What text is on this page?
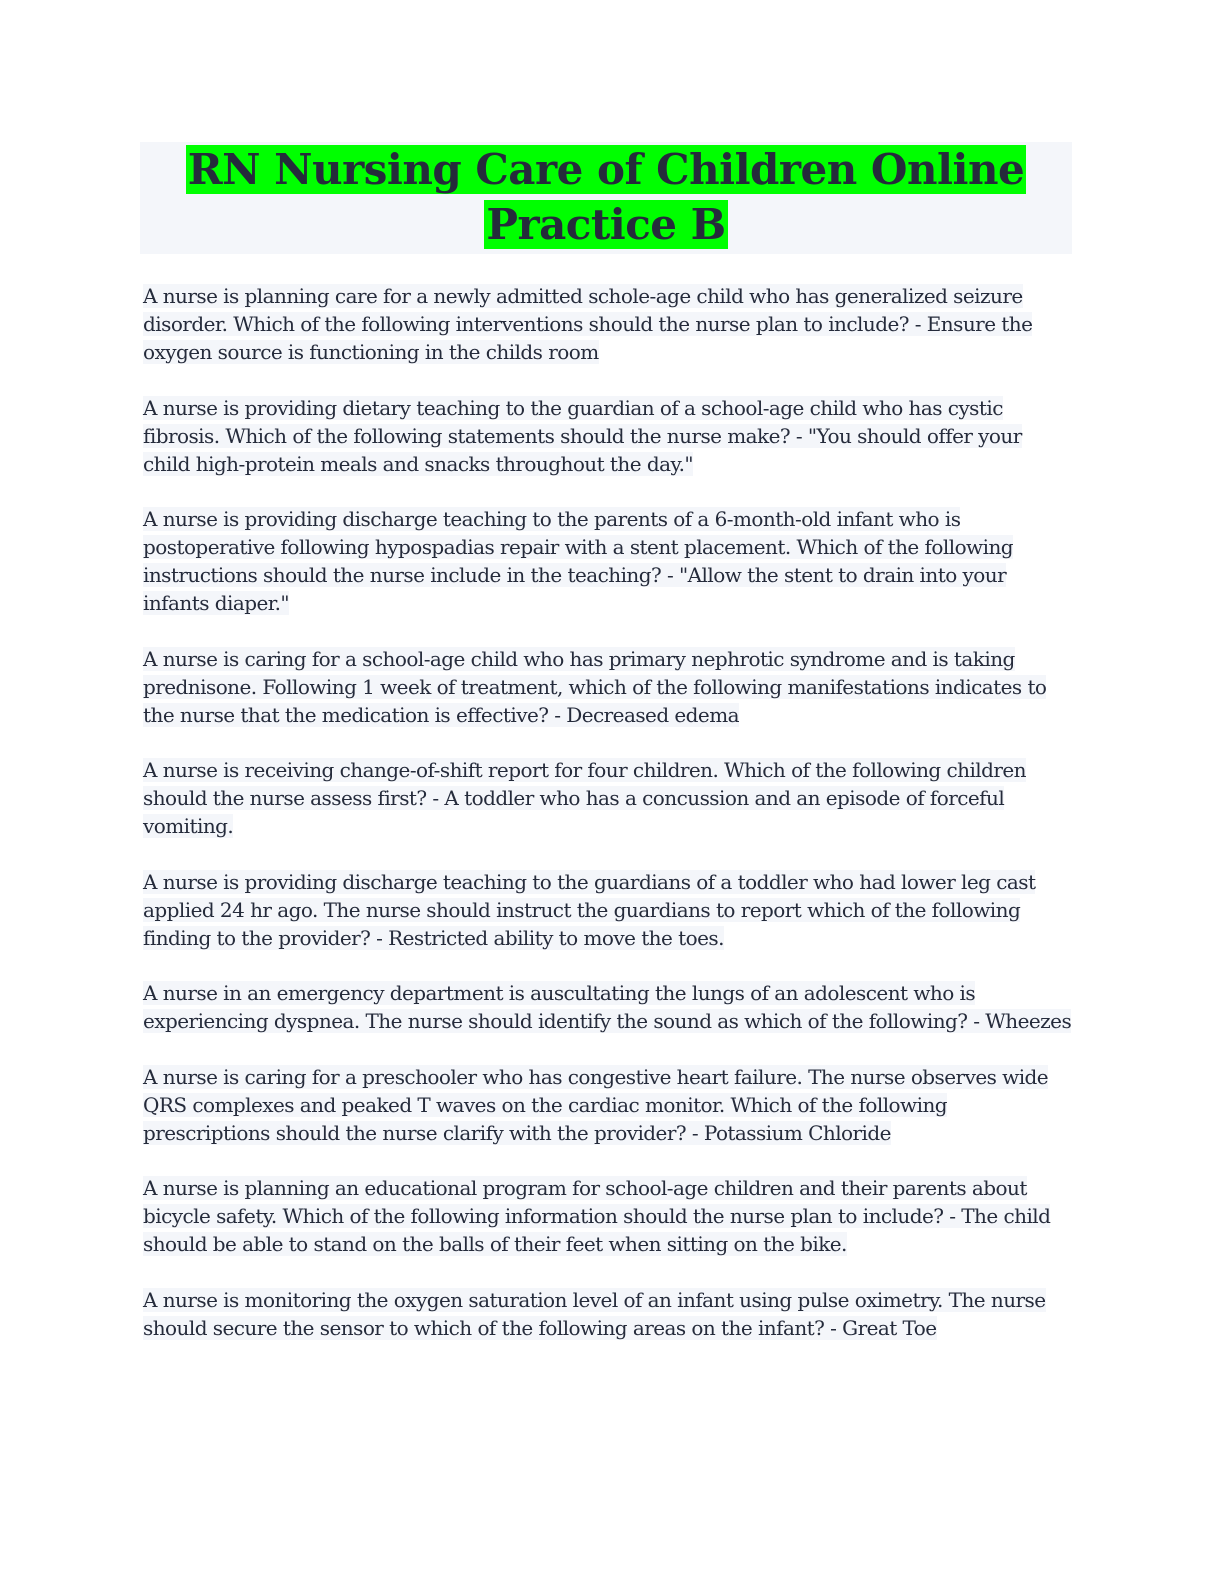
RN Nursing Care of Children Online Practice B

A nurse is planning care for a newly admitted schole-age child who has generalized seizure disorder. Which of the following interventions should the nurse plan to include? - Ensure the oxygen source is functioning in the childs room

A nurse is providing dietary teaching to the guardian of a school-age child who has cystic fibrosis. Which of the following statements should the nurse make? - "You should offer your child high-protein meals and snacks throughout the day."

A nurse is providing discharge teaching to the parents of a 6-month-old infant who is postoperative following hypospadias repair with a stent placement. Which of the following instructions should the nurse include in the teaching? - "Allow the stent to drain into your infants diaper."

A nurse is caring for a school-age child who has primary nephrotic syndrome and is taking prednisone. Following 1 week of treatment, which of the following manifestations indicates to the nurse that the medication is effective? - Decreased edema

A nurse is receiving change-of-shift report for four children. Which of the following children should the nurse assess first? - A toddler who has a concussion and an episode of forceful vomiting.

A nurse is providing discharge teaching to the guardians of a toddler who had lower leg cast applied 24 hr ago. The nurse should instruct the guardians to report which of the following finding to the provider? - Restricted ability to move the toes.

A nurse in an emergency department is auscultating the lungs of an adolescent who is experiencing dyspnea. The nurse should identify the sound as which of the following? - Wheezes

A nurse is caring for a preschooler who has congestive heart failure. The nurse observes wide QRS complexes and peaked T waves on the cardiac monitor. Which of the following prescriptions should the nurse clarify with the provider? - Potassium Chloride

A nurse is planning an educational program for school-age children and their parents about bicycle safety. Which of the following information should the nurse plan to include? - The child should be able to stand on the balls of their feet when sitting on the bike.

A nurse is monitoring the oxygen saturation level of an infant using pulse oximetry. The nurse should secure the sensor to which of the following areas on the infant? - Great Toe
